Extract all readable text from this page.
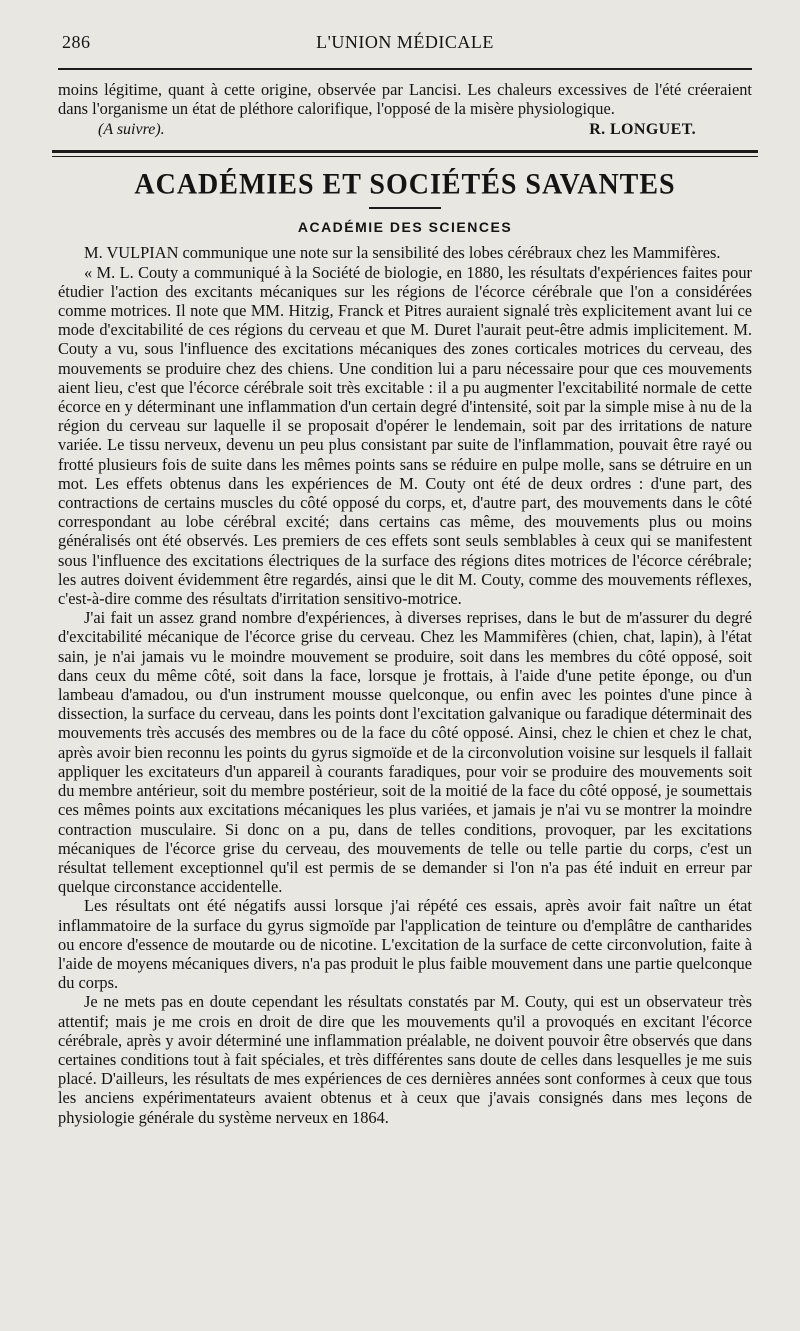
286	L'UNION MÉDICALE

moins légitime, quant à cette origine, observée par Lancisi. Les chaleurs excessives de l'été créeraient dans l'organisme un état de pléthore calorifique, l'opposé de la misère physiologique.

(A suivre).	R. LONGUET.
ACADÉMIES ET SOCIÉTÉS SAVANTES
ACADÉMIE DES SCIENCES

M. VULPIAN communique une note sur la sensibilité des lobes cérébraux chez les Mammifères.

« M. L. Couty a communiqué à la Société de biologie, en 1880, les résultats d'expériences faites pour étudier l'action des excitants mécaniques sur les régions de l'écorce cérébrale que l'on a considérées comme motrices. Il note que MM. Hitzig, Franck et Pitres auraient signalé très explicitement avant lui ce mode d'excitabilité de ces régions du cerveau et que M. Duret l'aurait peut-être admis implicitement. M. Couty a vu, sous l'influence des excitations mécaniques des zones corticales motrices du cerveau, des mouvements se produire chez des chiens. Une condition lui a paru nécessaire pour que ces mouvements aient lieu, c'est que l'écorce cérébrale soit très excitable : il a pu augmenter l'excitabilité normale de cette écorce en y déterminant une inflammation d'un certain degré d'intensité, soit par la simple mise à nu de la région du cerveau sur laquelle il se proposait d'opérer le lendemain, soit par des irritations de nature variée. Le tissu nerveux, devenu un peu plus consistant par suite de l'inflammation, pouvait être rayé ou frotté plusieurs fois de suite dans les mêmes points sans se réduire en pulpe molle, sans se détruire en un mot. Les effets obtenus dans les expériences de M. Couty ont été de deux ordres : d'une part, des contractions de certains muscles du côté opposé du corps, et, d'autre part, des mouvements dans le côté correspondant au lobe cérébral excité; dans certains cas même, des mouvements plus ou moins généralisés ont été observés. Les premiers de ces effets sont seuls semblables à ceux qui se manifestent sous l'influence des excitations électriques de la surface des régions dites motrices de l'écorce cérébrale; les autres doivent évidemment être regardés, ainsi que le dit M. Couty, comme des mouvements réflexes, c'est-à-dire comme des résultats d'irritation sensitivo-motrice.

J'ai fait un assez grand nombre d'expériences, à diverses reprises, dans le but de m'assurer du degré d'excitabilité mécanique de l'écorce grise du cerveau. Chez les Mammifères (chien, chat, lapin), à l'état sain, je n'ai jamais vu le moindre mouvement se produire, soit dans les membres du côté opposé, soit dans ceux du même côté, soit dans la face, lorsque je frottais, à l'aide d'une petite éponge, ou d'un lambeau d'amadou, ou d'un instrument mousse quelconque, ou enfin avec les pointes d'une pince à dissection, la surface du cerveau, dans les points dont l'excitation galvanique ou faradique déterminait des mouvements très accusés des membres ou de la face du côté opposé. Ainsi, chez le chien et chez le chat, après avoir bien reconnu les points du gyrus sigmoïde et de la circonvolution voisine sur lesquels il fallait appliquer les excitateurs d'un appareil à courants faradiques, pour voir se produire des mouvements soit du membre antérieur, soit du membre postérieur, soit de la moitié de la face du côté opposé, je soumettais ces mêmes points aux excitations mécaniques les plus variées, et jamais je n'ai vu se montrer la moindre contraction musculaire. Si donc on a pu, dans de telles conditions, provoquer, par les excitations mécaniques de l'écorce grise du cerveau, des mouvements de telle ou telle partie du corps, c'est un résultat tellement exceptionnel qu'il est permis de se demander si l'on n'a pas été induit en erreur par quelque circonstance accidentelle.

Les résultats ont été négatifs aussi lorsque j'ai répété ces essais, après avoir fait naître un état inflammatoire de la surface du gyrus sigmoïde par l'application de teinture ou d'emplâtre de cantharides ou encore d'essence de moutarde ou de nicotine. L'excitation de la surface de cette circonvolution, faite à l'aide de moyens mécaniques divers, n'a pas produit le plus faible mouvement dans une partie quelconque du corps.

Je ne mets pas en doute cependant les résultats constatés par M. Couty, qui est un observateur très attentif; mais je me crois en droit de dire que les mouvements qu'il a provoqués en excitant l'écorce cérébrale, après y avoir déterminé une inflammation préalable, ne doivent pouvoir être observés que dans certaines conditions tout à fait spéciales, et très différentes sans doute de celles dans lesquelles je me suis placé. D'ailleurs, les résultats de mes expériences de ces dernières années sont conformes à ceux que tous les anciens expérimentateurs avaient obtenus et à ceux que j'avais consignés dans mes leçons de physiologie générale du système nerveux en 1864.
